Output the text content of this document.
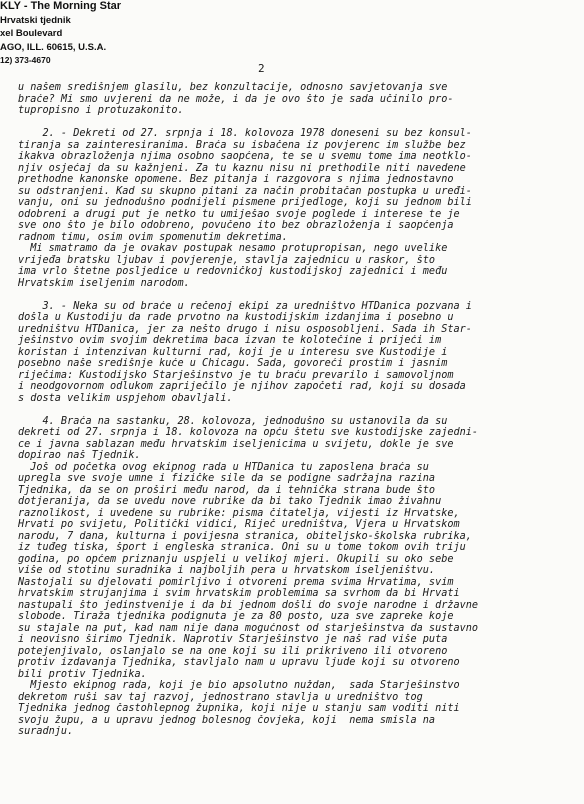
KLY - The Morning Star
Hrvatski tjednik
xel Boulevard
AGO, ILL. 60615, U.S.A.
12) 373-4670
2
u našem središnjem glasilu, bez konzultacije, odnosno savjetovanja sve
braće? Mi smo uvjereni da ne može, i da je ovo što je sada učinilo pro-
tupropisno i protuzakonito.
2. - Dekreti od 27. srpnja i 18. kolovoza 1978 doneseni su bez konsul-
tiranja sa zainteresiranima. Braća su isbačena iz povjerenc im službe bez
ikakva obrazloženja njima osobno saopćena, te se u svemu tome ima neotklo-
njiv osjećaj da su kažnjeni. Za tu kaznu nisu ni prethodile niti navedene
prethodne kanonske opomene. Bez pitanja i razgovora s njima jednostavno
su odstranjeni. Kad su skupno pitani za način probitačan postupka u uređi-
vanju, oni su jednodušno podnijeli pismene prijedloge, koji su jednom bili
odobreni a drugi put je netko tu umiješao svoje poglede i interese te je
sve ono što je bilo odobreno, povučeno ito bez obrazloženja i saopćenja
radnom timu, osim ovim spomenutim dekretima.
Mi smatramo da je ovakav postupak nesamo protupropisan, nego uvelike
vrijeđa bratsku ljubav i povjerenje, stavlja zajednicu u raskor, što
ima vrlo štetne posljedice u redovničkoj kustodijskoj zajednici i među
Hrvatskim iseljenim narodom.
3. - Neka su od braće u rečenoj ekipi za uredništvo HTDanica pozvana i
došla u Kustodiju da rade prvotno na kustodijskim izdanjima i posebno u
uredništvu HTDanica, jer za nešto drugo i nisu osposobljeni. Sada ih Star-
ješinstvo ovim svojim dekretima baca izvan te kolotečine i prijeći im
koristan i intenzivan kulturni rad, koji je u interesu sve Kustodije i
posebno naše središnje kuće u Chicagu. Sada, govoreći prostim i jasnim
riječima: Kustodijsko Starješinstvo je tu braću prevarilo i samovoljnom
i neodgovornom odlukom zapriječilo je njihov započeti rad, koji su dosada
s dosta velikim uspjehom obavljali.
4. Braća na sastanku, 28. kolovoza, jednodušno su ustanovila da su
dekreti od 27. srpnja i 18. kolovoza na opću štetu sve kustodijske zajedni-
ce i javna sablazan među hrvatskim iseljenicima u svijetu, dokle je sve
dopirao naš Tjednik.
Još od početka ovog ekipnog rada u HTDanica tu zaposlena braća su
upregla sve svoje umne i fizičke sile da se podigne sadržajna razina
Tjednika, da se on proširi među narod, da i tehnička strana bude što
dotjeranija, da se uvedu nove rubrike da bi tako Tjednik imao živahnu
raznolikost, i uvedene su rubrike: pisma čitatelja, vijesti iz Hrvatske,
Hrvati po svijetu, Politički vidici, Riječ uredništva, Vjera u Hrvatskom
narodu, 7 dana, kulturna i povijesna stranica, obiteljsko-školska rubrika,
iz tuđeg tiska, šport i engleska stranica. Oni su u tome tokom ovih triju
godina, po općem priznanju uspjeli u velikoj mjeri. Okupili su oko sebe
više od stotinu suradnika i najboljih pera u hrvatskom iseljeništvu.
Nastojali su djelovati pomirljivo i otvoreni prema svima Hrvatima, svim
hrvatskim strujanjima i svim hrvatskim problemima sa svrhom da bi Hrvati
nastupali što jedinstvenije i da bi jednom došli do svoje narodne i državne
slobode. Tiraža tjednika podignuta je za 80 posto, uza sve zapreke koje
su stajale na put, kad nam nije dana mogućnost od starješinstva da sustavno
i neovisno širimo Tjednik. Naprotiv Starješinstvo je naš rad više puta
potejenjivalo, oslanjalo se na one koji su ili prikriveno ili otvoreno
protiv izdavanja Tjednika, stavljalo nam u upravu ljude koji su otvoreno
bili protiv Tjednika.
Mjesto ekipnog rada, koji je bio apsolutno nuždan,  sada Starješinstvo
dekretom ruši sav taj razvoj, jednostrano stavlja u uredništvo tog
Tjednika jednog častohlepnog župnika, koji nije u stanju sam voditi niti
svoju župu, a u upravu jednog bolesnog čovjeka, koji  nema smisla na
suradnju.
